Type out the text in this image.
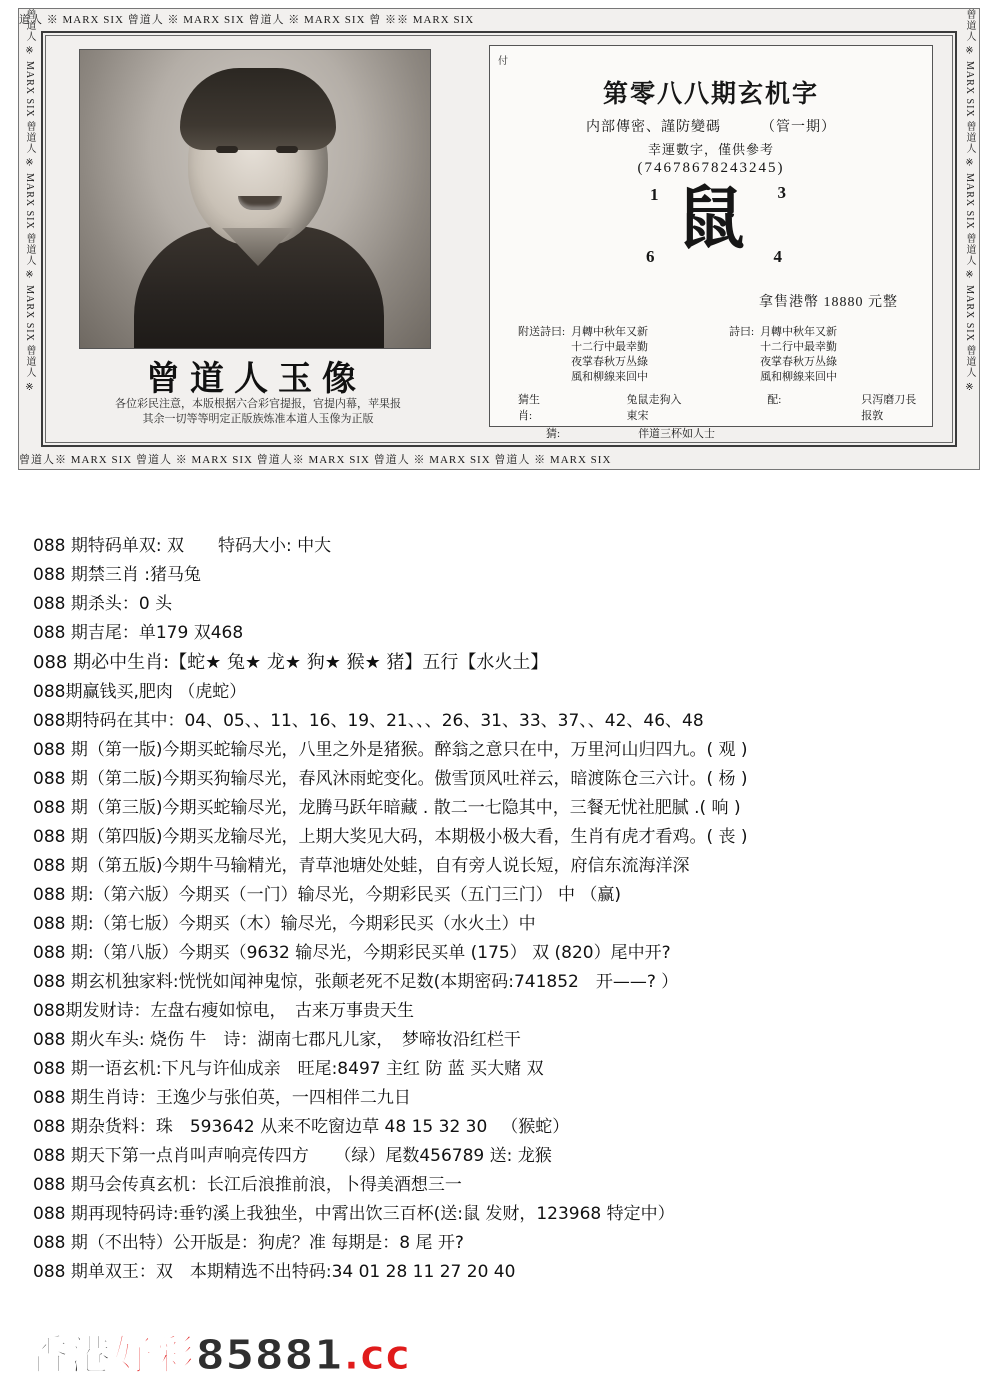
道人 ※ MARX SIX 曾道人 ※ MARX SIX 曾道人 ※ MARX SIX 曾 ※※ MARX SIX
曾道人※ MARX SIX 曾道人 ※ MARX SIX 曾道人※ MARX SIX 曾道人 ※ MARX SIX 曾道人 ※ MARX SIX
曾道人 ※ MARX SIX 曾道人 ※ MARX SIX 曾道人 ※ MARX SIX 曾道人 ※	曾道人 ※ MARX SIX 曾道人 ※ MARX SIX 曾道人 ※ MARX SIX 曾道人 ※
曾道人玉像
各位彩民注意，本版根据六合彩官提报，官提内幕，苹果报
其余一切等等明定正版族炼准本道人玉像为正版
付
第零八八期玄机字
内部傳密、謹防變碼	（管一期）
幸運數字，僅供參考
(74678678243245)
1	3
鼠
6	4
拿售港幣 18880 元整
附送詩曰: 月轉中秋年又新
十二行中最幸勤
夜掌春秋万丛綠
風和柳線来回中
詩曰: 月轉中秋年又新
十二行中最幸勤
夜掌春秋万丛綠
風和柳線来回中
猜生肖:
兔鼠走狗入東宋
配:	只泻磨刀長报敦
猜:	伴道三杯如人士
088 期特码单双: 双　　特码大小: 中大
088 期禁三肖 :猪马兔
088 期杀头：0 头
088 期吉尾：单179 双468
088 期必中生肖:【蛇★ 兔★ 龙★ 狗★ 猴★ 猪】五行【水火土】
088期赢钱买,肥肉 （虎蛇）
088期特码在其中：04、05、、11、16、19、21、、、26、31、33、37、、42、46、48
088 期（第一版)今期买蛇输尽光，八里之外是猪猴。醉翁之意只在中，万里河山归四九。( 观 )
088 期（第二版)今期买狗输尽光，春风沐雨蛇变化。傲雪顶风吐祥云，暗渡陈仓三六计。( 杨 )
088 期（第三版)今期买蛇输尽光，龙腾马跃年暗藏 . 散二一七隐其中，三餐无忧社肥腻 .( 响 )
088 期（第四版)今期买龙输尽光，上期大奖见大码，本期极小极大看，生肖有虎才看鸡。( 丧 )
088 期（第五版)今期牛马输精光，青草池塘处处蛙，自有旁人说长短，府信东流海洋深
088 期:（第六版）今期买（一门）输尽光，今期彩民买（五门三门） 中 （赢)
088 期:（第七版）今期买（木）输尽光，今期彩民买（水火土）中
088 期:（第八版）今期买（9632 输尽光，今期彩民买单 (175） 双 (820）尾中开?
088 期玄机独家料:恍恍如闻神鬼惊，张颠老死不足数(本期密码:741852　开——? ）
088期发财诗：左盘右瘦如惊电，　古来万事贵天生
088 期火车头: 烧伤 牛　诗：湖南七郡凡儿家，　梦啼妆沿红栏干
088 期一语玄机:下凡与许仙成亲　旺尾:8497 主红 防 蓝 买大赌 双
088 期生肖诗：王逸少与张伯英，一四相伴二九日
088 期杂货料：珠　593642 从来不吃窗边草 48 15 32 30 　（猴蛇）
088 期天下第一点肖叫声响亮传四方　　（绿）尾数456789 送: 龙猴
088 期马会传真玄机：长江后浪推前浪，卜得美酒想三一
088 期再现特码诗:垂钓溪上我独坐，中霄出饮三百杯(送:鼠 发财，123968 特定中）
088 期（不出特）公开版是：狗虎？准 每期是：8 尾 开?
088 期单双王：双　本期精选不出特码:34 01 28 11 27 20 40
香港好彩85881.cc
